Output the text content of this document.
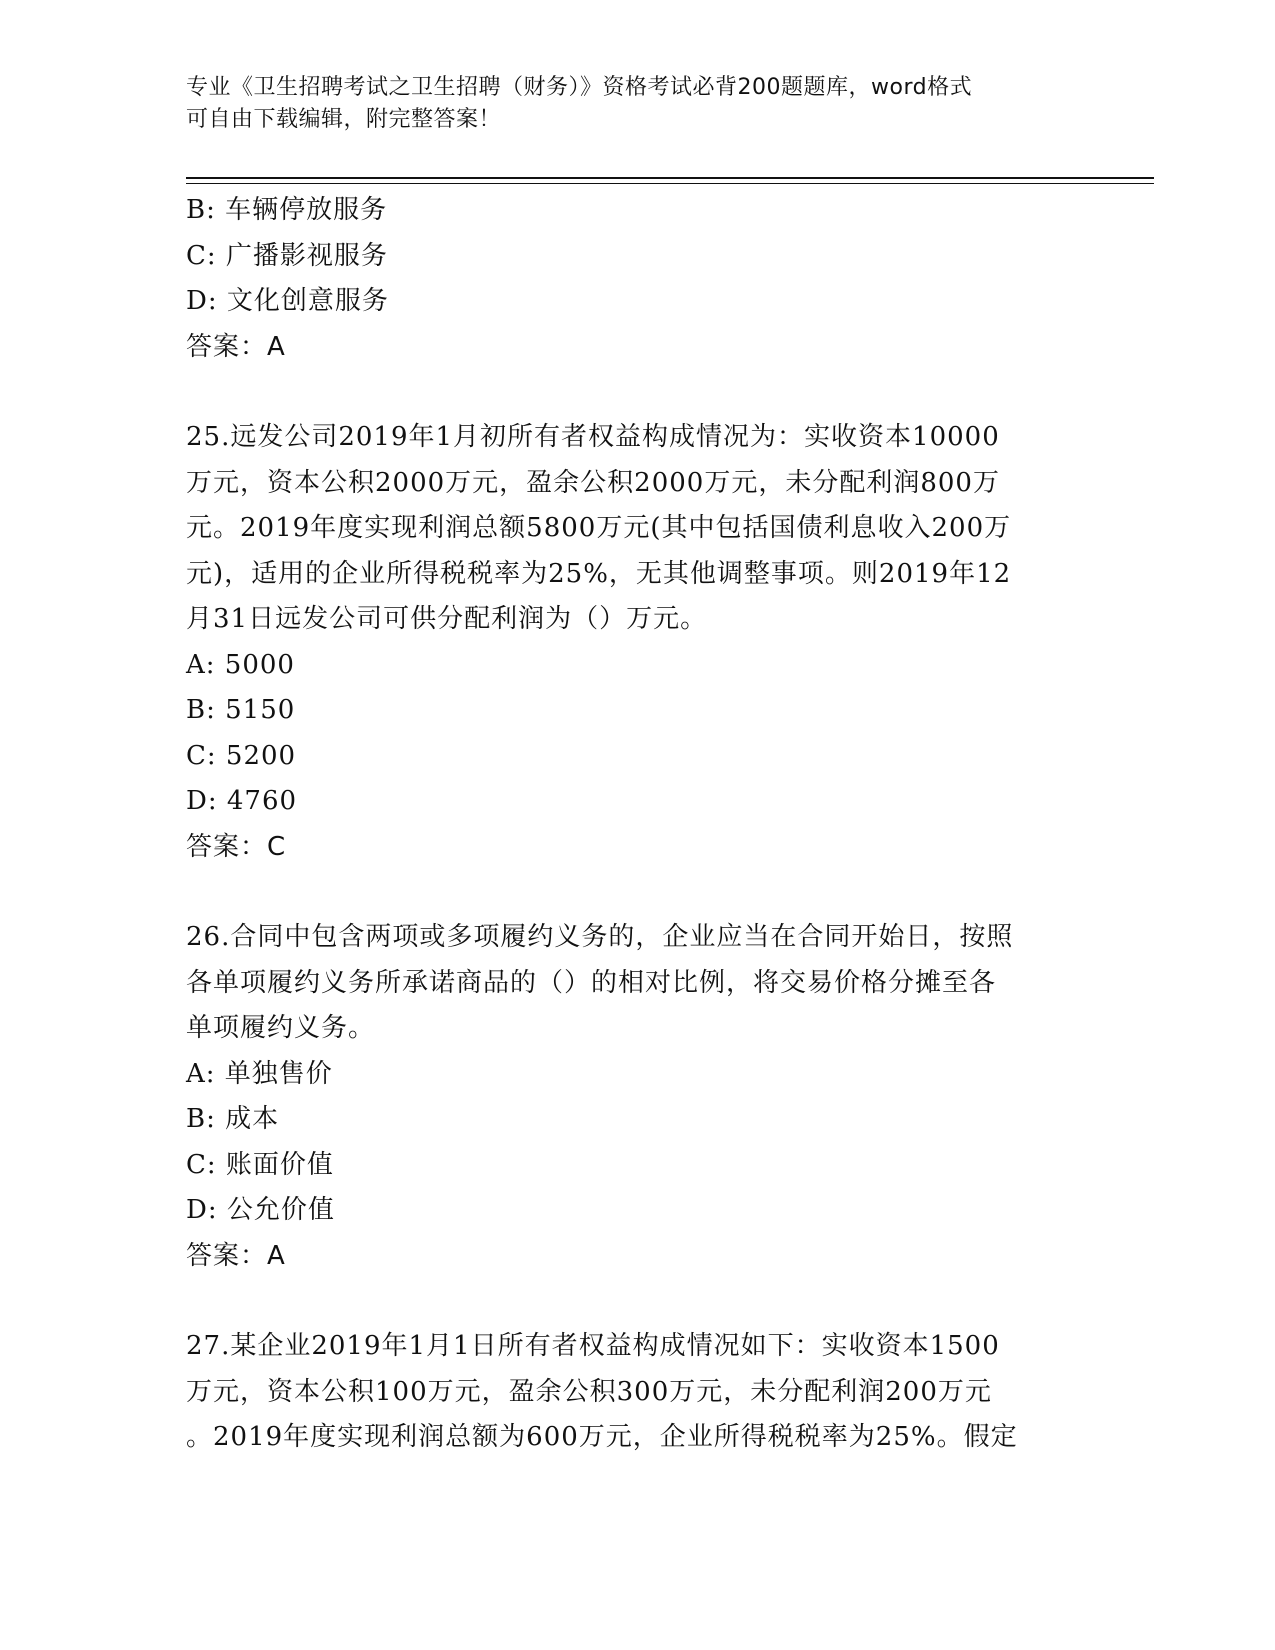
专业《卫生招聘考试之卫生招聘（财务）》资格考试必背200题题库，word格式
可自由下载编辑，附完整答案！
B: 车辆停放服务
C: 广播影视服务
D: 文化创意服务
答案：A
25.远发公司2019年1月初所有者权益构成情况为：实收资本10000
万元，资本公积2000万元，盈余公积2000万元，未分配利润800万
元。2019年度实现利润总额5800万元(其中包括国债利息收入200万
元)，适用的企业所得税税率为25%，无其他调整事项。则2019年12
月31日远发公司可供分配利润为（）万元。
A: 5000
B: 5150
C: 5200
D: 4760
答案：C
26.合同中包含两项或多项履约义务的，企业应当在合同开始日，按照
各单项履约义务所承诺商品的（）的相对比例，将交易价格分摊至各
单项履约义务。
A: 单独售价
B: 成本
C: 账面价值
D: 公允价值
答案：A
27.某企业2019年1月1日所有者权益构成情况如下：实收资本1500
万元，资本公积100万元，盈余公积300万元，未分配利润200万元
。2019年度实现利润总额为600万元，企业所得税税率为25%。假定
